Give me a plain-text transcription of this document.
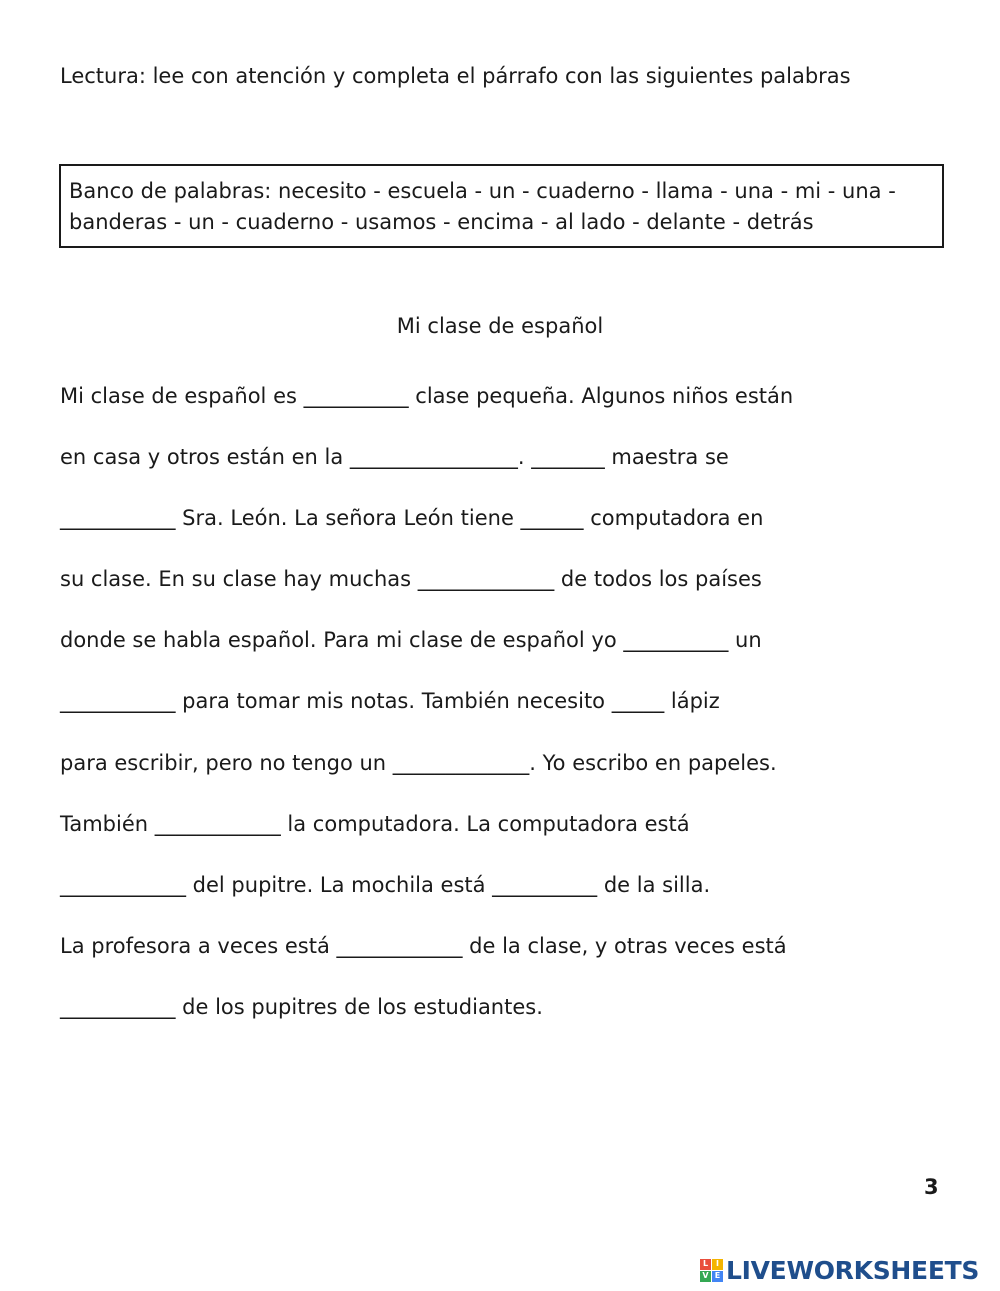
Lectura: lee con atención y completa el párrafo con las siguientes palabras

Banco de palabras: necesito - escuela - un - cuaderno - llama - una - mi - una - banderas - un - cuaderno - usamos - encima - al lado - delante - detrás

Mi clase de español

Mi clase de español es __________ clase pequeña. Algunos niños están

en casa y otros están en la ________________. _______ maestra se

___________ Sra. León. La señora León tiene ______ computadora en

su clase. En su clase hay muchas _____________ de todos los países

donde se habla español. Para mi clase de español yo __________ un

___________ para tomar mis notas. También necesito _____ lápiz

para escribir, pero no tengo un _____________. Yo escribo en papeles.

También ____________ la computadora. La computadora está

____________ del pupitre. La mochila está __________ de la silla.

La profesora a veces está ____________ de la clase, y otras veces está

___________ de los pupitres de los estudiantes.

3

L I
V E LIVEWORKSHEETS
